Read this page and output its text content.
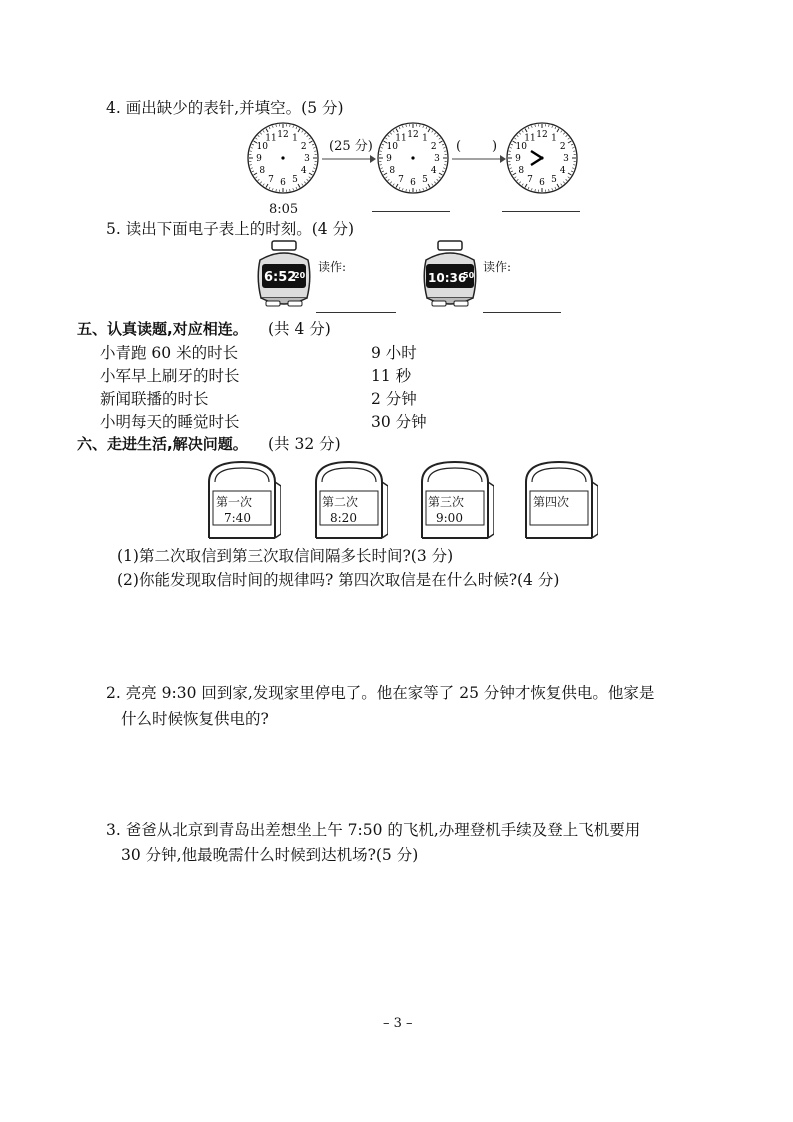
4. 画出缺少的表针,并填空。(5 分)
12 1
2
3
4
5
6
7
8
9
10
11	12 1
2
3
4
5
6
7
8
9
10
11	12 1
2
3
4
5
6
7
8
9
10
11
(25 分)	( )
8:05
5. 读出下面电子表上的时刻。(4 分)
6:52
20
读作:
10:36
50
读作:
五、认真读题,对应相连。 (共 4 分)
小青跑 60 米的时长
小军早上刷牙的时长
新闻联播的时长
小明每天的睡觉时长
9 小时
11 秒
2 分钟
30 分钟
六、走进生活,解决问题。 (共 32 分)
第一次
7:40
第二次
8:20
第三次
9:00
第四次
(1)第二次取信到第三次取信间隔多长时间?(3 分)
(2)你能发现取信时间的规律吗? 第四次取信是在什么时候?(4 分)
2. 亮亮 9:30 回到家,发现家里停电了。他在家等了 25 分钟才恢复供电。他家是
什么时候恢复供电的?
3. 爸爸从北京到青岛出差想坐上午 7:50 的飞机,办理登机手续及登上飞机要用
30 分钟,他最晚需什么时候到达机场?(5 分)
– 3 –
